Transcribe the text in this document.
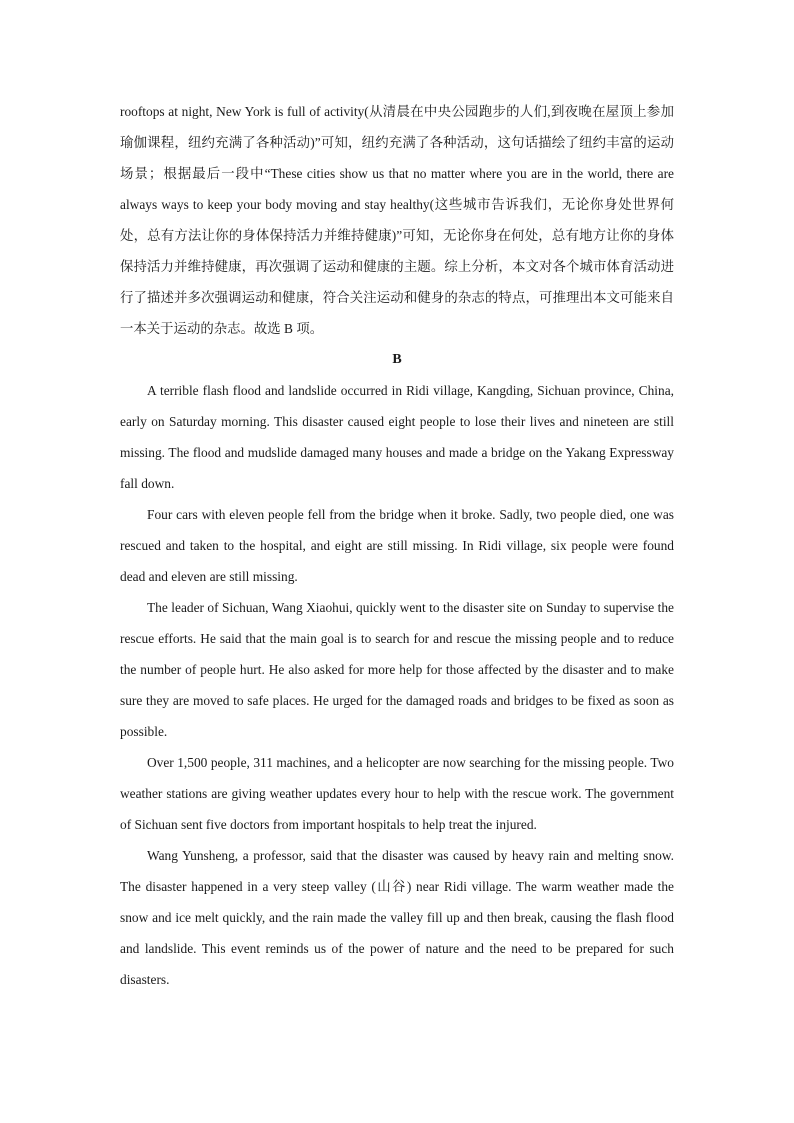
rooftops at night, New York is full of activity(从清晨在中央公园跑步的人们,到夜晚在屋顶上参加瑜伽课程，纽约充满了各种活动)”可知，纽约充满了各种活动，这句话描绘了纽约丰富的运动场景；根据最后一段中“These cities show us that no matter where you are in the world, there are always ways to keep your body moving and stay healthy(这些城市告诉我们，无论你身处世界何处，总有方法让你的身体保持活力并维持健康)”可知，无论你身在何处，总有地方让你的身体保持活力并维持健康，再次强调了运动和健康的主题。综上分析，本文对各个城市体育活动进行了描述并多次强调运动和健康，符合关注运动和健身的杂志的特点，可推理出本文可能来自一本关于运动的杂志。故选 B 项。

B

A terrible flash flood and landslide occurred in Ridi village, Kangding, Sichuan province, China, early on Saturday morning. This disaster caused eight people to lose their lives and nineteen are still missing. The flood and mudslide damaged many houses and made a bridge on the Yakang Expressway fall down.

Four cars with eleven people fell from the bridge when it broke. Sadly, two people died, one was rescued and taken to the hospital, and eight are still missing. In Ridi village, six people were found dead and eleven are still missing.

The leader of Sichuan, Wang Xiaohui, quickly went to the disaster site on Sunday to supervise the rescue efforts. He said that the main goal is to search for and rescue the missing people and to reduce the number of people hurt. He also asked for more help for those affected by the disaster and to make sure they are moved to safe places. He urged for the damaged roads and bridges to be fixed as soon as possible.

Over 1,500 people, 311 machines, and a helicopter are now searching for the missing people. Two weather stations are giving weather updates every hour to help with the rescue work. The government of Sichuan sent five doctors from important hospitals to help treat the injured.

Wang Yunsheng, a professor, said that the disaster was caused by heavy rain and melting snow. The disaster happened in a very steep valley (山谷) near Ridi village. The warm weather made the snow and ice melt quickly, and the rain made the valley fill up and then break, causing the flash flood and landslide. This event reminds us of the power of nature and the need to be prepared for such disasters.
